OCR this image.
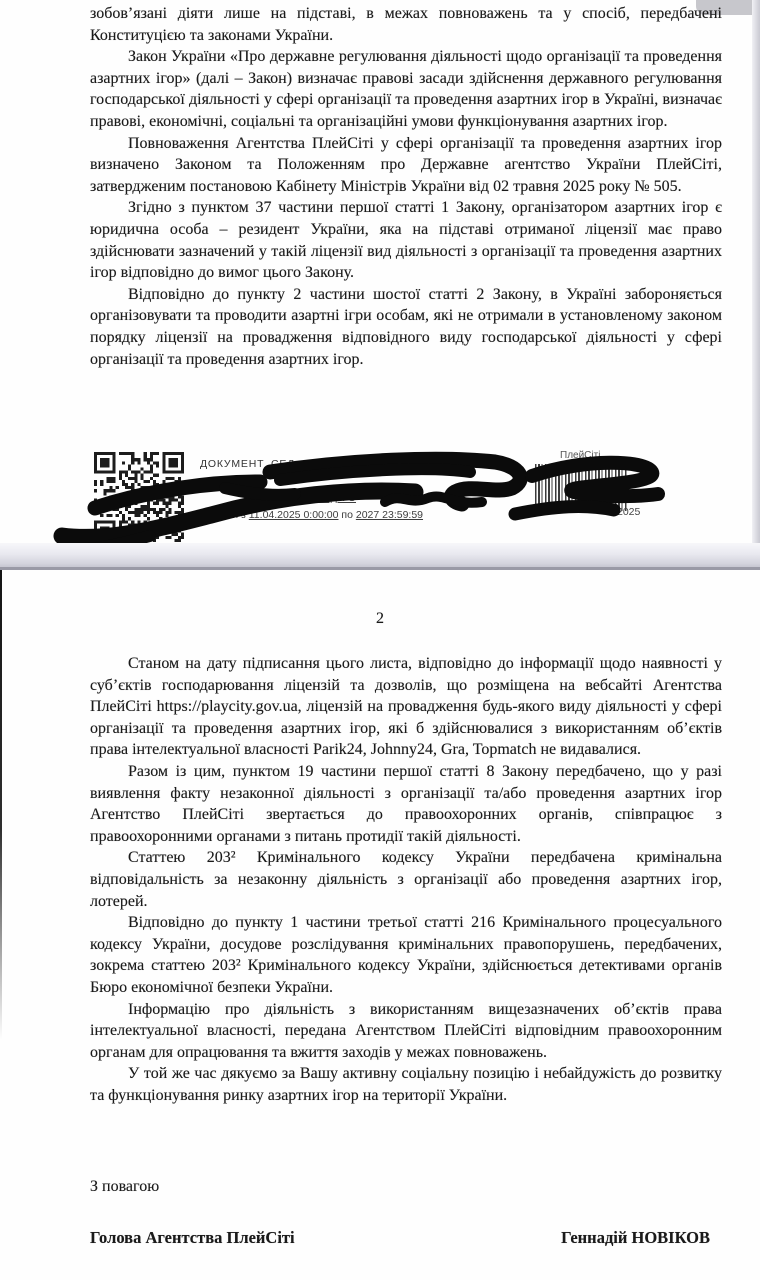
зобов’язані діяти лише на підставі, в межах повноважень та у спосіб, передбачені Конституцією та законами України.

Закон України «Про державне регулювання діяльності щодо організації та проведення азартних ігор» (далі – Закон) визначає правові засади здійснення державного регулювання господарської діяльності у сфері організації та проведення азартних ігор в Україні, визначає правові, економічні, соціальні та організаційні умови функціонування азартних ігор.

Повноваження Агентства ПлейСіті у сфері організації та проведення азартних ігор визначено Законом та Положенням про Державне агентство України ПлейСіті, затвердженим постановою Кабінету Міністрів України від 02 травня 2025 року № 505.

Згідно з пунктом 37 частини першої статті 1 Закону, організатором азартних ігор є юридична особа – резидент України, яка на підставі отриманої ліцензії має право здійснювати зазначений у такій ліцензії вид діяльності з організації та проведення азартних ігор відповідно до вимог цього Закону.

Відповідно до пункту 2 частини шостої статті 2 Закону, в Україні забороняється організовувати та проводити азартні ігри особам, які не отримали в установленому законом порядку ліцензії на провадження відповідного виду господарської діяльності у сфері організації та проведення азартних ігор.

ДОКУМЕНТ СЕД АСКОД
ов Геннадій О
Дійсний з 11.04.2025 0:00:00 по 2027 23:59:59
ПлейСіті
2025
2

Станом на дату підписання цього листа, відповідно до інформації щодо наявності у суб’єктів господарювання ліцензій та дозволів, що розміщена на вебсайті Агентства ПлейСіті https://playcity.gov.ua, ліцензій на провадження будь-якого виду діяльності у сфері організації та проведення азартних ігор, які б здійснювалися з використанням об’єктів права інтелектуальної власності Parik24, Johnny24, Gra, Topmatch не видавалися.

Разом із цим, пунктом 19 частини першої статті 8 Закону передбачено, що у разі виявлення факту незаконної діяльності з організації та/або проведення азартних ігор Агентство ПлейСіті звертається до правоохоронних органів, співпрацює з правоохоронними органами з питань протидії такій діяльності.

Статтею 203² Кримінального кодексу України передбачена кримінальна відповідальність за незаконну діяльність з організації або проведення азартних ігор, лотерей.

Відповідно до пункту 1 частини третьої статті 216 Кримінального процесуального кодексу України, досудове розслідування кримінальних правопорушень, передбачених, зокрема статтею 203² Кримінального кодексу України, здійснюється детективами органів Бюро економічної безпеки України.

Інформацію про діяльність з використанням вищезазначених об’єктів права інтелектуальної власності, передана Агентством ПлейСіті відповідним правоохоронним органам для опрацювання та вжиття заходів у межах повноважень.

У той же час дякуємо за Вашу активну соціальну позицію і небайдужість до розвитку та функціонування ринку азартних ігор на території України.

З повагою

Голова Агентства ПлейСіті	Геннадій НОВІКОВ
